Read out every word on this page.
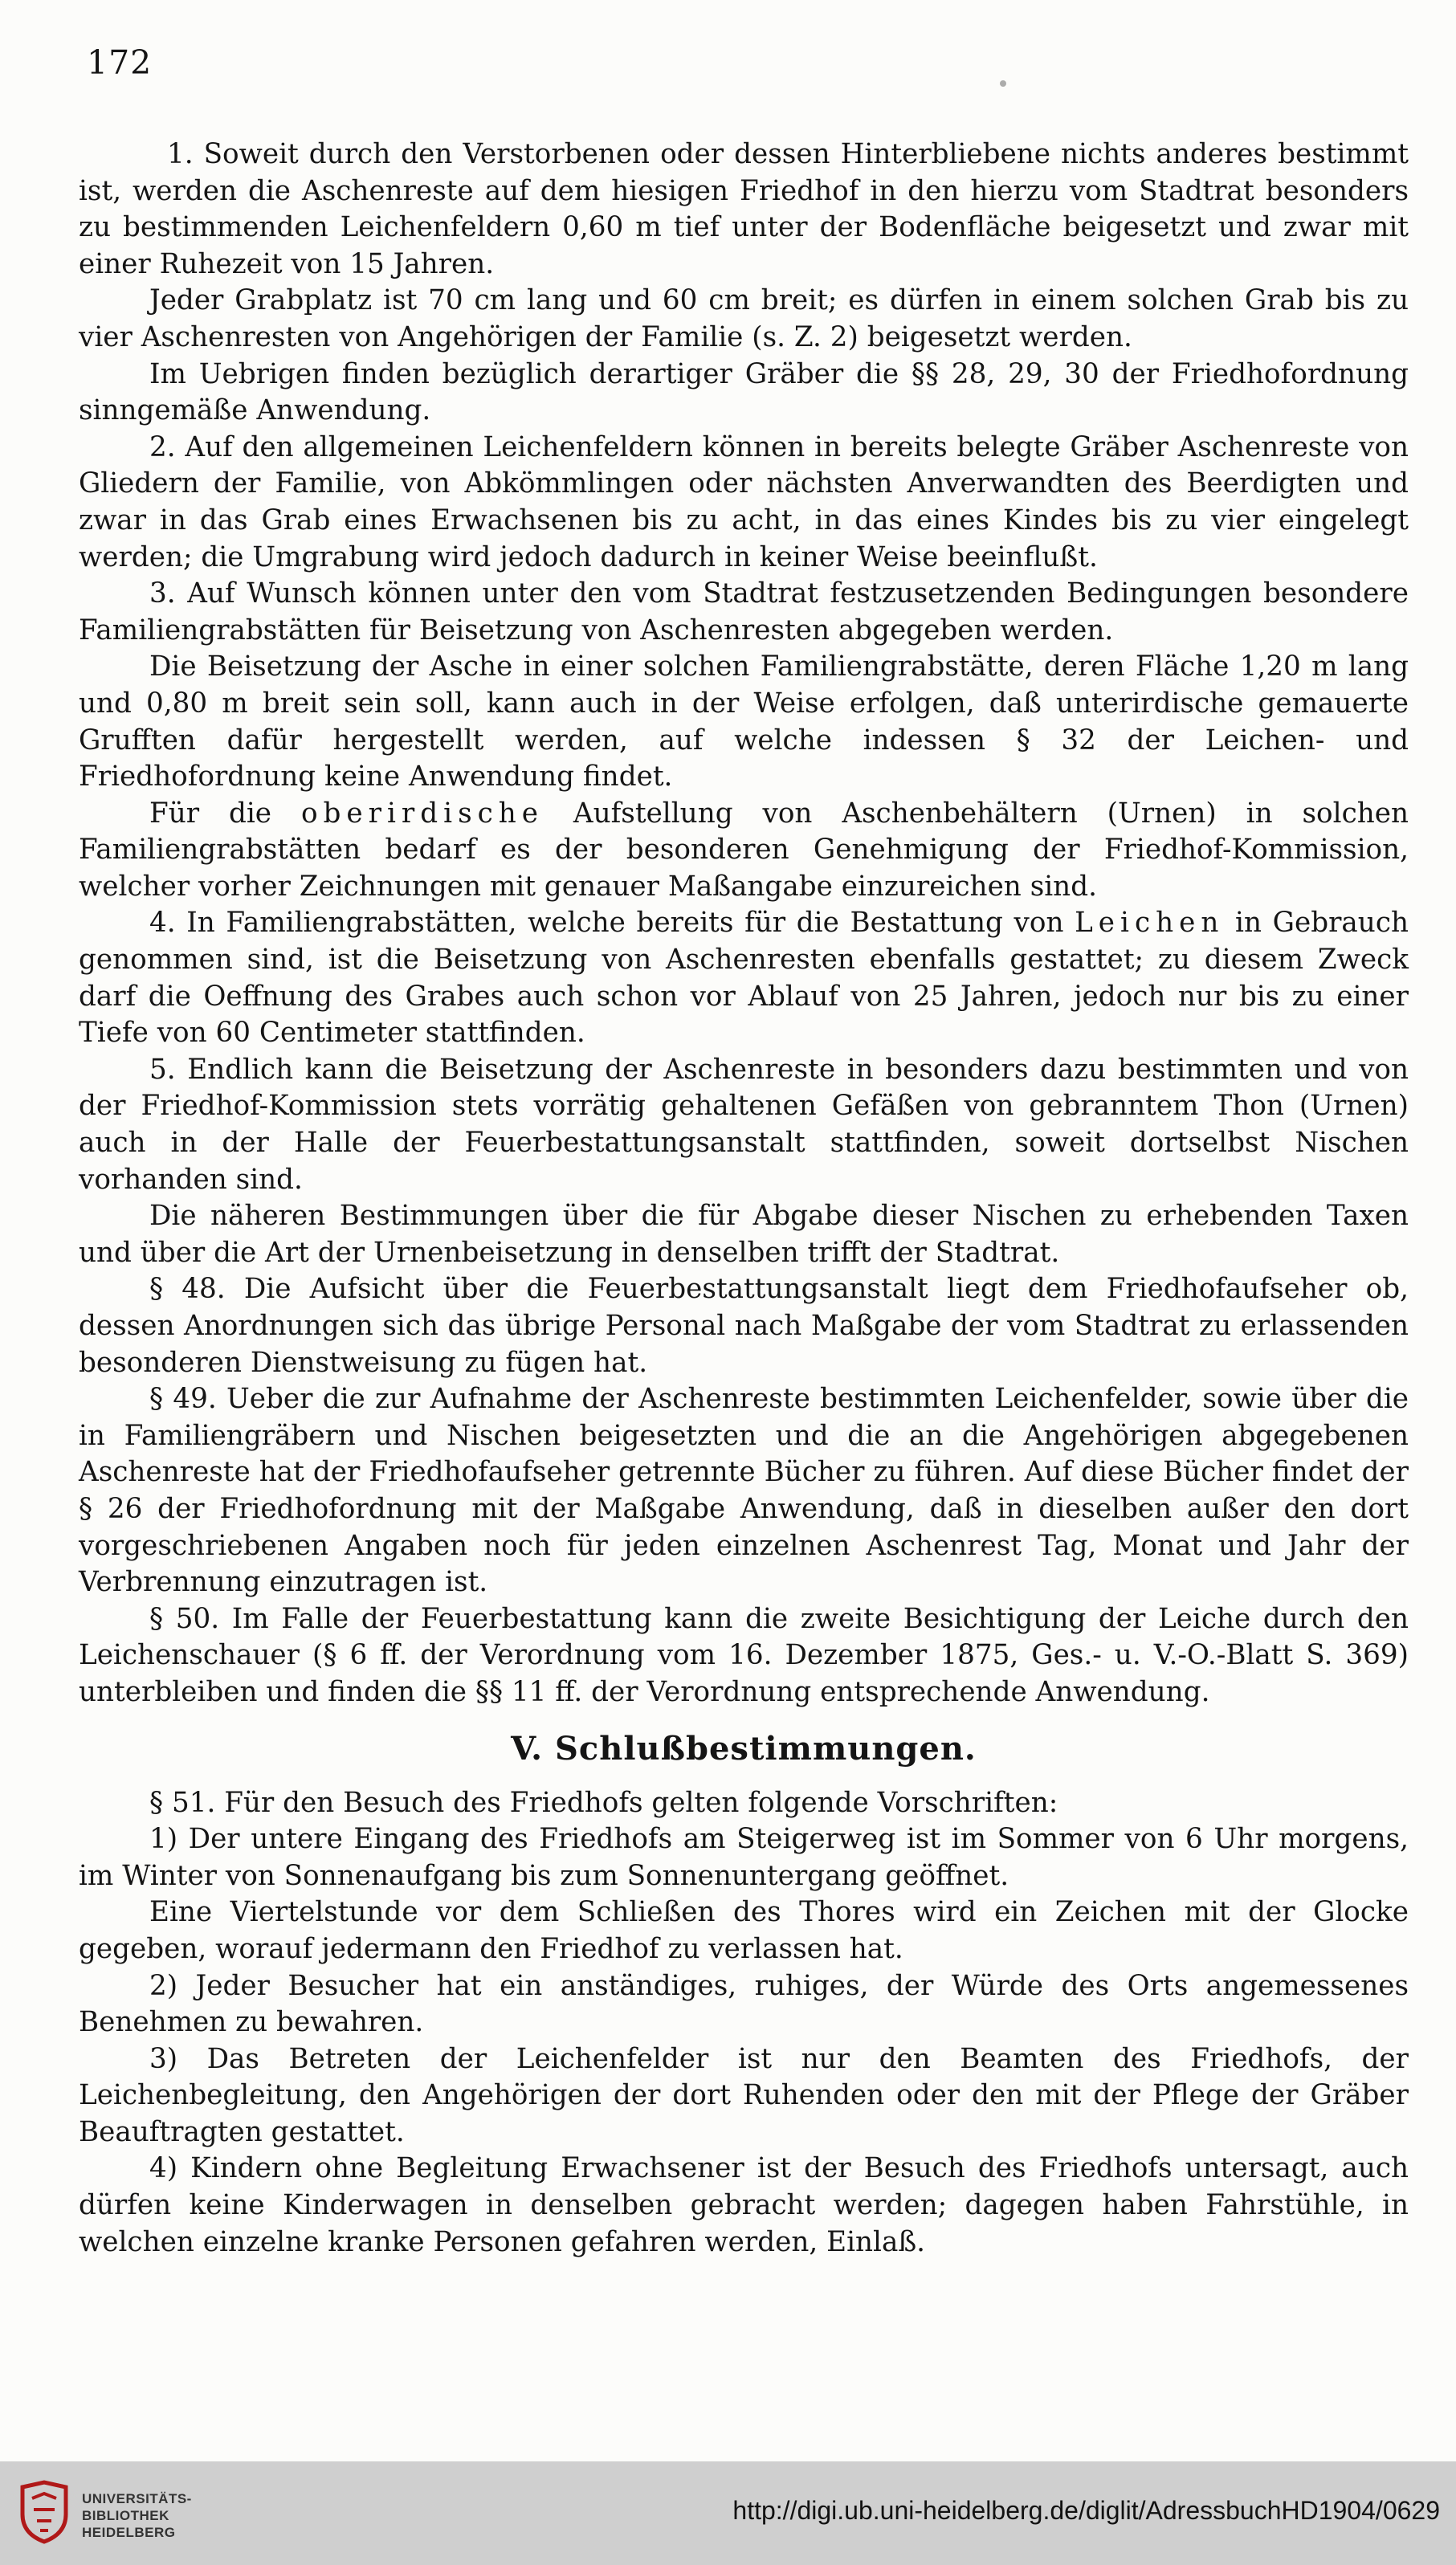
172

1. Soweit durch den Verstorbenen oder dessen Hinterbliebene nichts anderes bestimmt ist, werden die Aschenreste auf dem hiesigen Friedhof in den hierzu vom Stadtrat besonders zu bestimmenden Leichenfeldern 0,60 m tief unter der Bodenfläche beigesetzt und zwar mit einer Ruhezeit von 15 Jahren.

Jeder Grabplatz ist 70 cm lang und 60 cm breit; es dürfen in einem solchen Grab bis zu vier Aschenresten von Angehörigen der Familie (s. Z. 2) beigesetzt werden.

Im Uebrigen finden bezüglich derartiger Gräber die §§ 28, 29, 30 der Friedhofordnung sinngemäße Anwendung.

2. Auf den allgemeinen Leichenfeldern können in bereits belegte Gräber Aschenreste von Gliedern der Familie, von Abkömmlingen oder nächsten Anverwandten des Beerdigten und zwar in das Grab eines Erwachsenen bis zu acht, in das eines Kindes bis zu vier eingelegt werden; die Umgrabung wird jedoch dadurch in keiner Weise beeinflußt.

3. Auf Wunsch können unter den vom Stadtrat festzusetzenden Bedingungen besondere Familiengrabstätten für Beisetzung von Aschenresten abgegeben werden.

Die Beisetzung der Asche in einer solchen Familiengrabstätte, deren Fläche 1,20 m lang und 0,80 m breit sein soll, kann auch in der Weise erfolgen, daß unterirdische gemauerte Grufften dafür hergestellt werden, auf welche indessen § 32 der Leichen- und Friedhofordnung keine Anwendung findet.

Für die oberirdische Aufstellung von Aschenbehältern (Urnen) in solchen Familiengrabstätten bedarf es der besonderen Genehmigung der Friedhof-Kommission, welcher vorher Zeichnungen mit genauer Maßangabe einzureichen sind.

4. In Familiengrabstätten, welche bereits für die Bestattung von Leichen in Gebrauch genommen sind, ist die Beisetzung von Aschenresten ebenfalls gestattet; zu diesem Zweck darf die Oeffnung des Grabes auch schon vor Ablauf von 25 Jahren, jedoch nur bis zu einer Tiefe von 60 Centimeter stattfinden.

5. Endlich kann die Beisetzung der Aschenreste in besonders dazu bestimmten und von der Friedhof-Kommission stets vorrätig gehaltenen Gefäßen von gebranntem Thon (Urnen) auch in der Halle der Feuerbestattungsanstalt stattfinden, soweit dortselbst Nischen vorhanden sind.

Die näheren Bestimmungen über die für Abgabe dieser Nischen zu erhebenden Taxen und über die Art der Urnenbeisetzung in denselben trifft der Stadtrat.

§ 48. Die Aufsicht über die Feuerbestattungsanstalt liegt dem Friedhofaufseher ob, dessen Anordnungen sich das übrige Personal nach Maßgabe der vom Stadtrat zu erlassenden besonderen Dienstweisung zu fügen hat.

§ 49. Ueber die zur Aufnahme der Aschenreste bestimmten Leichenfelder, sowie über die in Familiengräbern und Nischen beigesetzten und die an die Angehörigen abgegebenen Aschenreste hat der Friedhofaufseher getrennte Bücher zu führen. Auf diese Bücher findet der § 26 der Friedhofordnung mit der Maßgabe Anwendung, daß in dieselben außer den dort vorgeschriebenen Angaben noch für jeden einzelnen Aschenrest Tag, Monat und Jahr der Verbrennung einzutragen ist.

§ 50. Im Falle der Feuerbestattung kann die zweite Besichtigung der Leiche durch den Leichenschauer (§ 6 ff. der Verordnung vom 16. Dezember 1875, Ges.- u. V.-O.-Blatt S. 369) unterbleiben und finden die §§ 11 ff. der Verordnung entsprechende Anwendung.

V. Schlußbestimmungen.

§ 51. Für den Besuch des Friedhofs gelten folgende Vorschriften:

1) Der untere Eingang des Friedhofs am Steigerweg ist im Sommer von 6 Uhr morgens, im Winter von Sonnenaufgang bis zum Sonnenuntergang geöffnet.

Eine Viertelstunde vor dem Schließen des Thores wird ein Zeichen mit der Glocke gegeben, worauf jedermann den Friedhof zu verlassen hat.

2) Jeder Besucher hat ein anständiges, ruhiges, der Würde des Orts angemessenes Benehmen zu bewahren.

3) Das Betreten der Leichenfelder ist nur den Beamten des Friedhofs, der Leichenbegleitung, den Angehörigen der dort Ruhenden oder den mit der Pflege der Gräber Beauftragten gestattet.

4) Kindern ohne Begleitung Erwachsener ist der Besuch des Friedhofs untersagt, auch dürfen keine Kinderwagen in denselben gebracht werden; dagegen haben Fahrstühle, in welchen einzelne kranke Personen gefahren werden, Einlaß.

UNIVERSITÄTS-
BIBLIOTHEK
HEIDELBERG
http://digi.ub.uni-heidelberg.de/diglit/AdressbuchHD1904/0629
